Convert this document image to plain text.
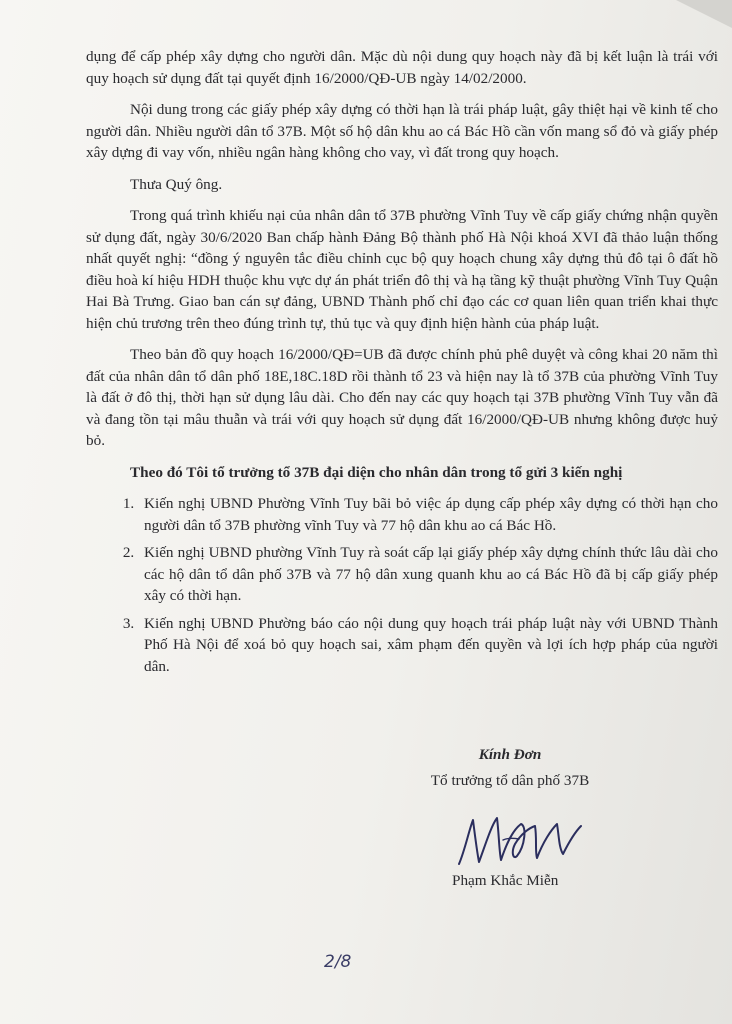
dụng để cấp phép xây dựng cho người dân. Mặc dù nội dung quy hoạch này đã bị kết luận là trái với quy hoạch sử dụng đất tại quyết định 16/2000/QĐ-UB ngày 14/02/2000.

Nội dung trong các giấy phép xây dựng có thời hạn là trái pháp luật, gây thiệt hại về kinh tế cho người dân. Nhiều người dân tổ 37B. Một số hộ dân khu ao cá Bác Hồ cần vốn mang sổ đỏ và giấy phép xây dựng đi vay vốn, nhiều ngân hàng không cho vay, vì đất trong quy hoạch.

Thưa Quý ông.

Trong quá trình khiếu nại của nhân dân tổ 37B phường Vĩnh Tuy về cấp giấy chứng nhận quyền sử dụng đất, ngày 30/6/2020 Ban chấp hành Đảng Bộ thành phố Hà Nội khoá XVI đã thảo luận thống nhất quyết nghị: “đồng ý nguyên tắc điều chỉnh cục bộ quy hoạch chung xây dựng thủ đô tại ô đất hồ điều hoà kí hiệu HDH thuộc khu vực dự án phát triển đô thị và hạ tầng kỹ thuật phường Vĩnh Tuy Quận Hai Bà Trưng. Giao ban cán sự đảng, UBND Thành phố chỉ đạo các cơ quan liên quan triển khai thực hiện chủ trương trên theo đúng trình tự, thủ tục và quy định hiện hành của pháp luật.

Theo bản đồ quy hoạch 16/2000/QĐ=UB đã được chính phủ phê duyệt và công khai 20 năm thì đất của nhân dân tổ dân phố 18E,18C.18D rồi thành tổ 23 và hiện nay là tổ 37B của phường Vĩnh Tuy là đất ở đô thị, thời hạn sử dụng lâu dài. Cho đến nay các quy hoạch tại 37B phường Vĩnh Tuy vẫn đã và đang tồn tại mâu thuẫn và trái với quy hoạch sử dụng đất 16/2000/QĐ-UB nhưng không được huỷ bỏ.

Theo đó Tôi tổ trưởng tổ 37B đại diện cho nhân dân trong tổ gửi 3 kiến nghị

1. Kiến nghị UBND Phường Vĩnh Tuy bãi bỏ việc áp dụng cấp phép xây dựng có thời hạn cho người dân tổ 37B phường vĩnh Tuy và 77 hộ dân khu ao cá Bác Hồ.
2. Kiến nghị UBND phường Vĩnh Tuy rà soát cấp lại giấy phép xây dựng chính thức lâu dài cho các hộ dân tổ dân phố 37B và 77 hộ dân xung quanh khu ao cá Bác Hồ đã bị cấp giấy phép xây có thời hạn.
3. Kiến nghị UBND Phường báo cáo nội dung quy hoạch trái pháp luật này với UBND Thành Phố Hà Nội để xoá bỏ quy hoạch sai, xâm phạm đến quyền và lợi ích hợp pháp của người dân.

Kính Đơn

Tổ trưởng tổ dân phố 37B

Phạm Khắc Miễn
2/8
